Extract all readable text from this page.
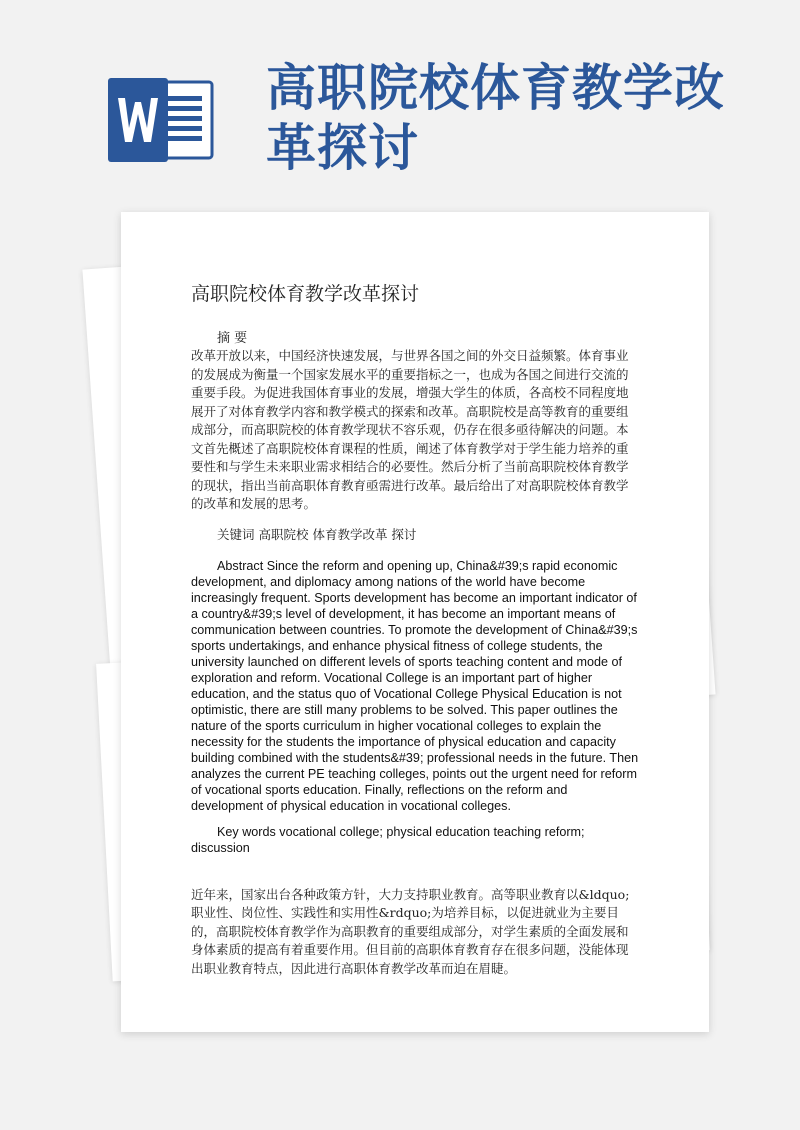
高职院校体育教学改革探讨
高职院校体育教学改革探讨

摘 要

改革开放以来，中国经济快速发展，与世界各国之间的外交日益频繁。体育事业的发展成为衡量一个国家发展水平的重要指标之一，也成为各国之间进行交流的重要手段。为促进我国体育事业的发展，增强大学生的体质，各高校不同程度地展开了对体育教学内容和教学模式的探索和改革。高职院校是高等教育的重要组成部分，而高职院校的体育教学现状不容乐观，仍存在很多亟待解决的问题。本文首先概述了高职院校体育课程的性质，阐述了体育教学对于学生能力培养的重要性和与学生未来职业需求相结合的必要性。然后分析了当前高职院校体育教学的现状，指出当前高职体育教育亟需进行改革。最后给出了对高职院校体育教学的改革和发展的思考。

关键词 高职院校 体育教学改革 探讨

Abstract Since the reform and opening up, China&#39;s rapid economic development, and diplomacy among nations of the world have become increasingly frequent. Sports development has become an important indicator of a country&#39;s level of development, it has become an important means of communication between countries. To promote the development of China&#39;s sports undertakings, and enhance physical fitness of college students, the university launched on different levels of sports teaching content and mode of exploration and reform. Vocational College is an important part of higher education, and the status quo of Vocational College Physical Education is not optimistic, there are still many problems to be solved. This paper outlines the nature of the sports curriculum in higher vocational colleges to explain the necessity for the students the importance of physical education and capacity building combined with the students&#39; professional needs in the future. Then analyzes the current PE teaching colleges, points out the urgent need for reform of vocational sports education. Finally, reflections on the reform and development of physical education in vocational colleges.

Key words vocational college; physical education teaching reform; discussion

近年来，国家出台各种政策方针，大力支持职业教育。高等职业教育以&ldquo;职业性、岗位性、实践性和实用性&rdquo;为培养目标，以促进就业为主要目的，高职院校体育教学作为高职教育的重要组成部分，对学生素质的全面发展和身体素质的提高有着重要作用。但目前的高职体育教育存在很多问题，没能体现出职业教育特点，因此进行高职体育教学改革而迫在眉睫。
